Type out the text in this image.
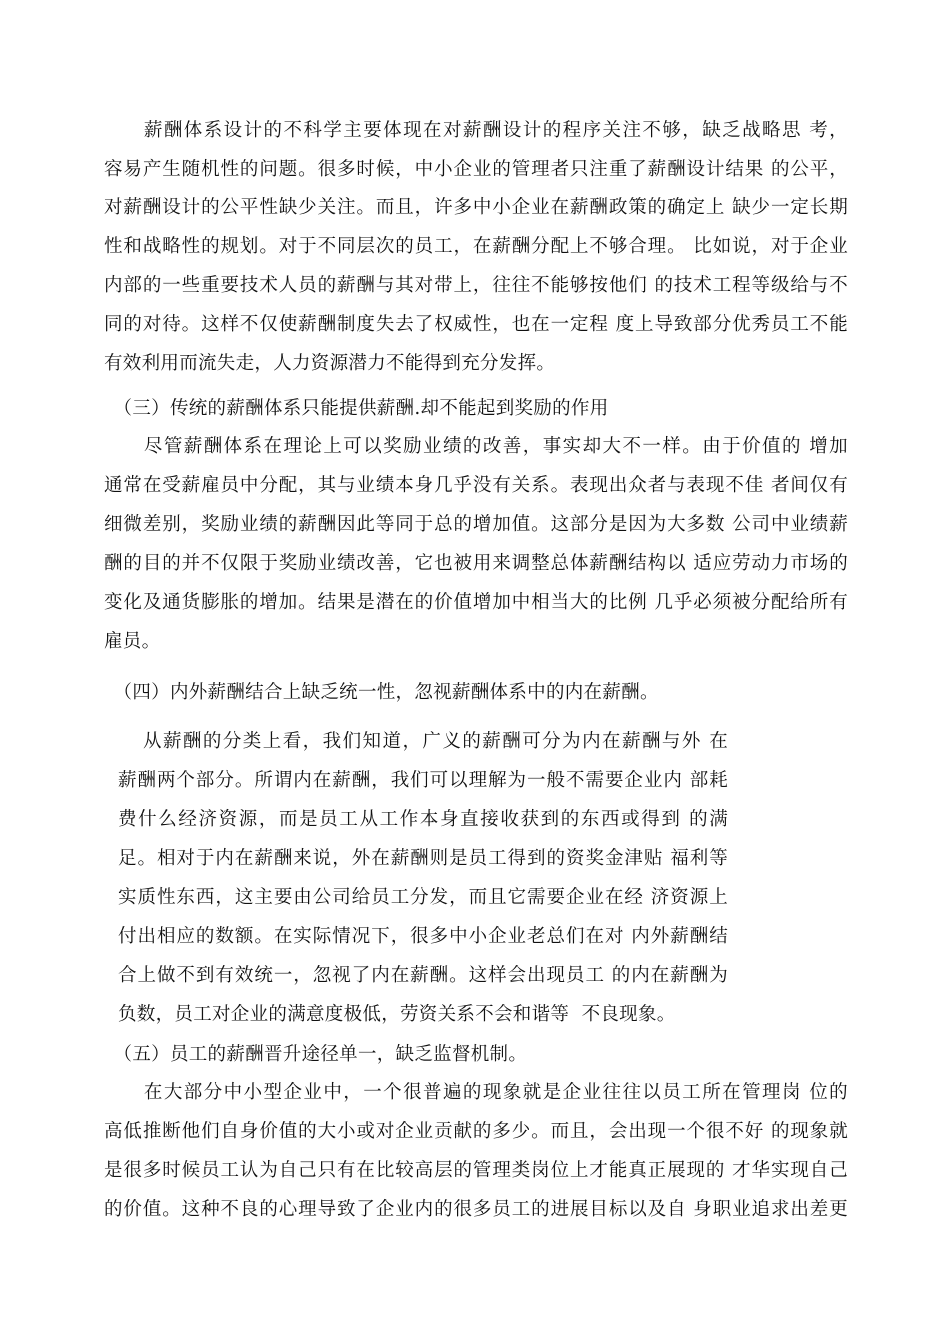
　　薪酬体系设计的不科学主要体现在对薪酬设计的程序关注不够，缺乏战略思 考，
容易产生随机性的问题。很多时候，中小企业的管理者只注重了薪酬设计结果 的公平，
对薪酬设计的公平性缺少关注。而且，许多中小企业在薪酬政策的确定上 缺少一定长期
性和战略性的规划。对于不同层次的员工，在薪酬分配上不够合理。 比如说，对于企业
内部的一些重要技术人员的薪酬与其对带上，往往不能够按他们 的技术工程等级给与不
同的对待。这样不仅使薪酬制度失去了权威性，也在一定程 度上导致部分优秀员工不能
有效利用而流失走，人力资源潜力不能得到充分发挥。
　（三）传统的薪酬体系只能提供薪酬.却不能起到奖励的作用
　　尽管薪酬体系在理论上可以奖励业绩的改善，事实却大不一样。由于价值的 增加
通常在受薪雇员中分配，其与业绩本身几乎没有关系。表现出众者与表现不佳 者间仅有
细微差别，奖励业绩的薪酬因此等同于总的增加值。这部分是因为大多数 公司中业绩薪
酬的目的并不仅限于奖励业绩改善，它也被用来调整总体薪酬结构以 适应劳动力市场的
变化及通货膨胀的增加。结果是潜在的价值增加中相当大的比例 几乎必须被分配给所有
雇员。
　（四）内外薪酬结合上缺乏统一性，忽视薪酬体系中的内在薪酬。
从薪酬的分类上看，我们知道，广义的薪酬可分为内在薪酬与外 在
薪酬两个部分。所谓内在薪酬，我们可以理解为一般不需要企业内 部耗
费什么经济资源，而是员工从工作本身直接收获到的东西或得到 的满
足。相对于内在薪酬来说，外在薪酬则是员工得到的资奖金津贴 福利等
实质性东西，这主要由公司给员工分发，而且它需要企业在经 济资源上
付出相应的数额。在实际情况下，很多中小企业老总们在对 内外薪酬结
合上做不到有效统一，忽视了内在薪酬。这样会出现员工 的内在薪酬为
负数，员工对企业的满意度极低，劳资关系不会和谐等  不良现象。
　（五）员工的薪酬晋升途径单一，缺乏监督机制。
　　在大部分中小型企业中，一个很普遍的现象就是企业往往以员工所在管理岗 位的
高低推断他们自身价值的大小或对企业贡献的多少。而且，会出现一个很不好 的现象就
是很多时候员工认为自己只有在比较高层的管理类岗位上才能真正展现的 才华实现自己
的价值。这种不良的心理导致了企业内的很多员工的进展目标以及自 身职业追求出差更
